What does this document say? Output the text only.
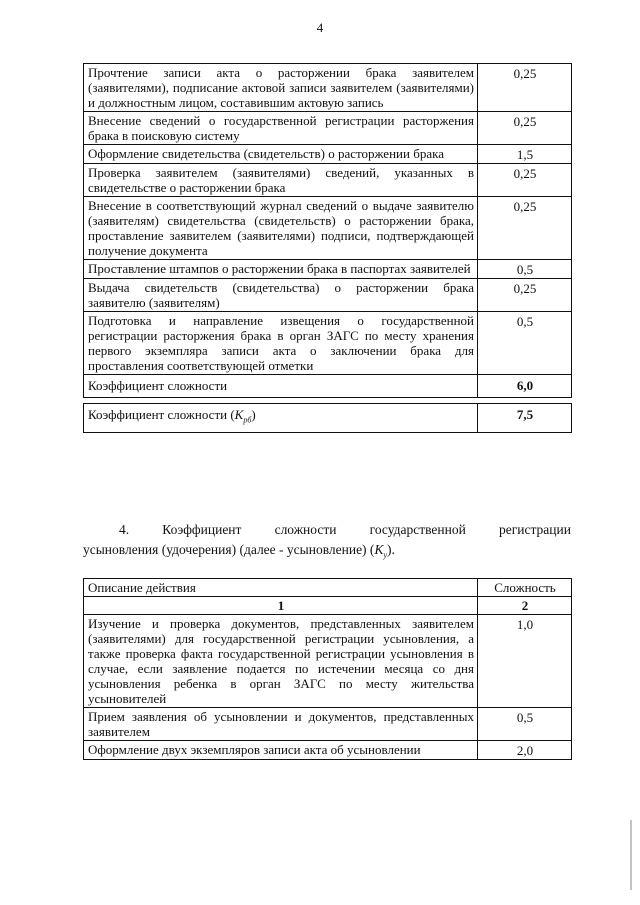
4
Прочтение записи акта о расторжении брака заявителем (заявителями), подписание актовой записи заявителем (заявителями) и должностным лицом, составившим актовую запись	0,25
Внесение сведений о государственной регистрации расторжения брака в поисковую систему	0,25
Оформление свидетельства (свидетельств) о расторжении брака	1,5
Проверка заявителем (заявителями) сведений, указанных в свидетельстве о расторжении брака	0,25
Внесение в соответствующий журнал сведений о выдаче заявителю (заявителям) свидетельства (свидетельств) о расторжении брака, проставление заявителем (заявителями) подписи, подтверждающей получение документа	0,25
Проставление штампов о расторжении брака в паспортах заявителей	0,5
Выдача свидетельств (свидетельства) о расторжении брака заявителю (заявителям)	0,25
Подготовка и направление извещения о государственной регистрации расторжения брака в орган ЗАГС по месту хранения первого экземпляра записи акта о заключении брака для проставления соответствующей отметки	0,5
Коэффициент сложности	6,0

Коэффициент сложности $(K_{рб})$	7,5
4. Коэффициент сложности государственной регистрации
усыновления (удочерения) (далее - усыновление) $(K_у)$.
Описание действия	Сложность
1	2
Изучение и проверка документов, представленных заявителем (заявителями) для государственной регистрации усыновления, а также проверка факта государственной регистрации усыновления в случае, если заявление подается по истечении месяца со дня усыновления ребенка в орган ЗАГС по месту жительства усыновителей	1,0
Прием заявления об усыновлении и документов, представленных заявителем	0,5
Оформление двух экземпляров записи акта об усыновлении	2,0
